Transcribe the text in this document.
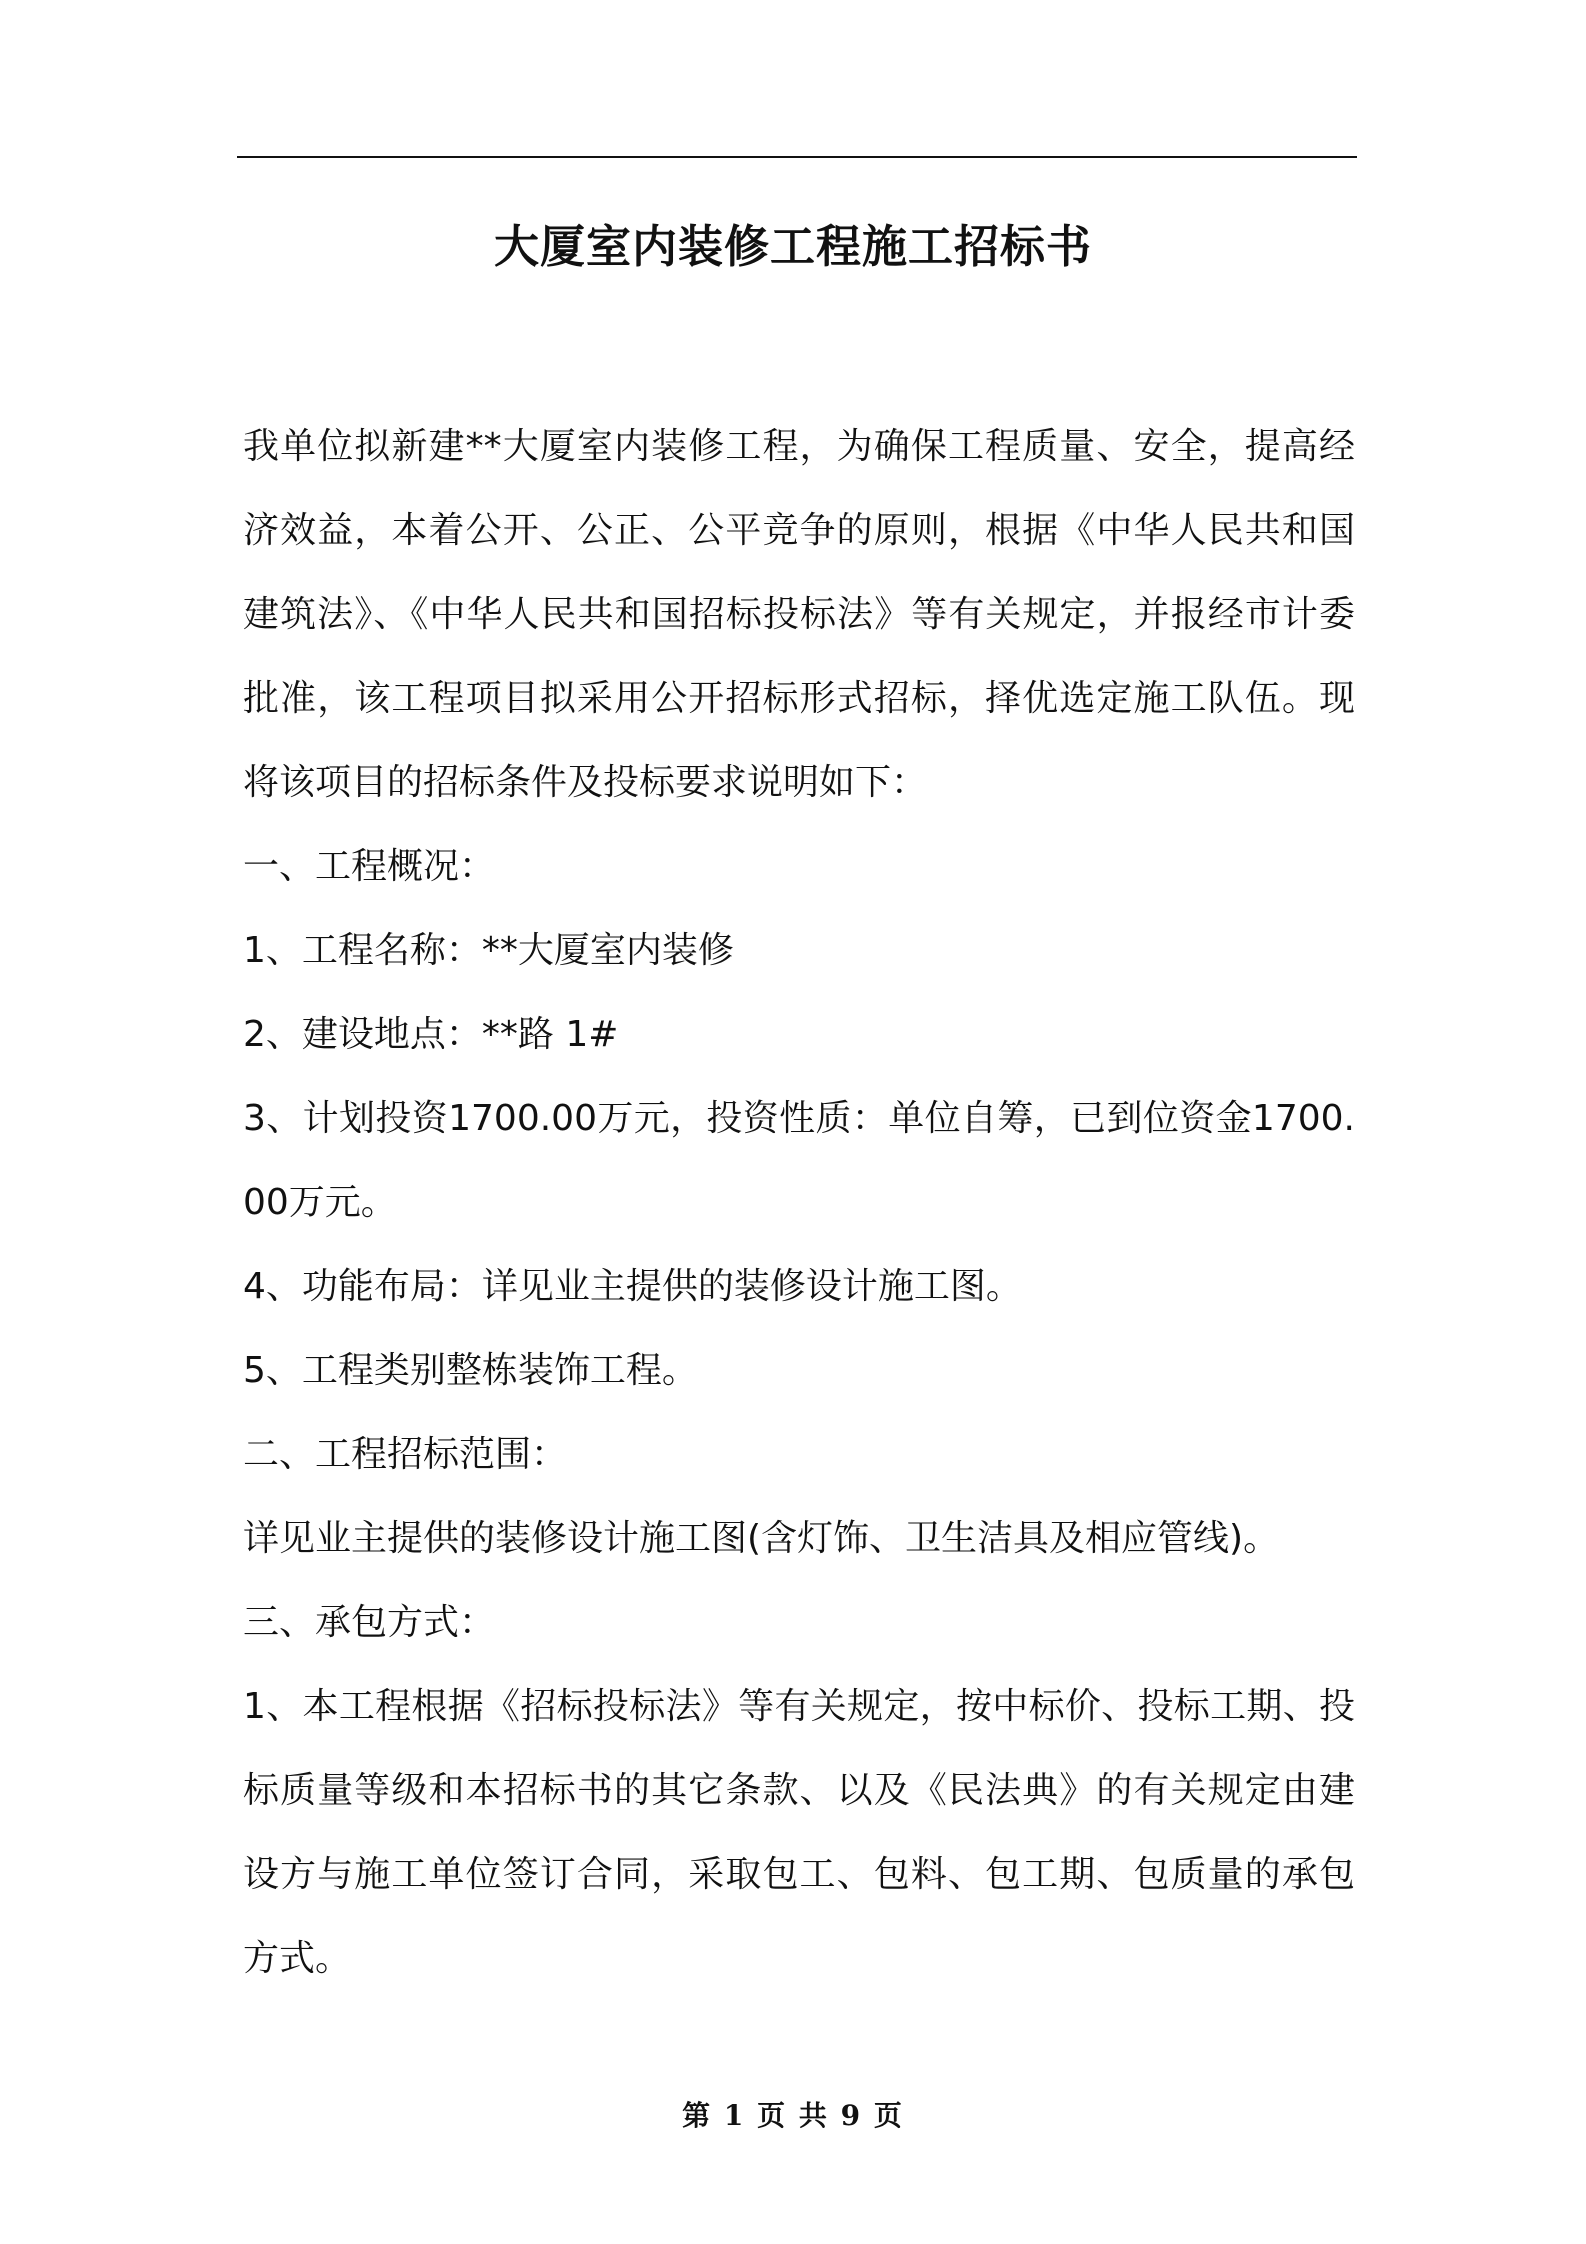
大厦室内装修工程施工招标书

我单位拟新建**大厦室内装修工程，为确保工程质量、安全，提高经济效益，本着公开、公正、公平竞争的原则，根据《中华人民共和国建筑法》、《中华人民共和国招标投标法》等有关规定，并报经市计委批准，该工程项目拟采用公开招标形式招标，择优选定施工队伍。现将该项目的招标条件及投标要求说明如下：

一、工程概况：

1、工程名称：**大厦室内装修

2、建设地点：**路 1#

3、计划投资1700.00万元，投资性质：单位自筹，已到位资金1700.00万元。

4、功能布局：详见业主提供的装修设计施工图。

5、工程类别整栋装饰工程。

二、工程招标范围：

详见业主提供的装修设计施工图(含灯饰、卫生洁具及相应管线)。

三、承包方式：

1、本工程根据《招标投标法》等有关规定，按中标价、投标工期、投标质量等级和本招标书的其它条款、以及《民法典》的有关规定由建设方与施工单位签订合同，采取包工、包料、包工期、包质量的承包方式。

第 1 页 共 9 页
